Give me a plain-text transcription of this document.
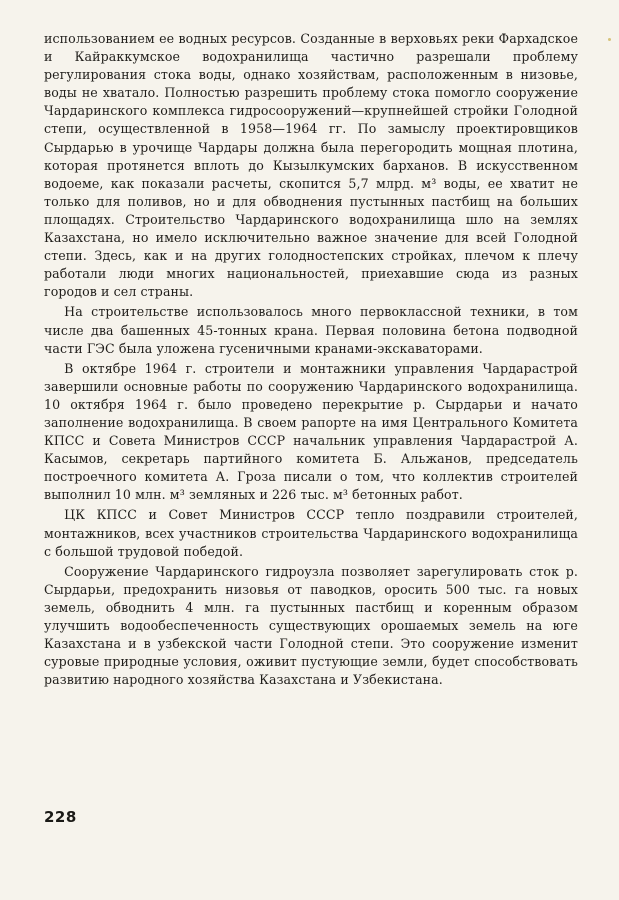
использованием ее водных ресурсов. Созданные в верховьях реки Фархадское и Кайраккумское водохранилища частично разрешали проблему регулирования стока воды, однако хозяйствам, расположенным в низовье, воды не хватало. Полностью разрешить проблему стока помогло сооружение Чардаринского комплекса гидросооружений—крупнейшей стройки Голодной степи, осуществленной в 1958—1964 гг. По замыслу проектировщиков Сырдарью в урочище Чардары должна была перегородить мощная плотина, которая протянется вплоть до Кызылкумских барханов. В искусственном водоеме, как показали расчеты, скопится 5,7 млрд. м³ воды, ее хватит не только для поливов, но и для обводнения пустынных пастбищ на больших площадях. Строительство Чардаринского водохранилища шло на землях Казахстана, но имело исключительно важное значение для всей Голодной степи. Здесь, как и на других голодностепских стройках, плечом к плечу работали люди многих национальностей, приехавшие сюда из разных городов и сел страны.

На строительстве использовалось много первоклассной техники, в том числе два башенных 45-тонных крана. Первая половина бетона подводной части ГЭС была уложена гусеничными кранами-экскаваторами.

В октябре 1964 г. строители и монтажники управления Чардарастрой завершили основные работы по сооружению Чардаринского водохранилища. 10 октября 1964 г. было проведено перекрытие р. Сырдарьи и начато заполнение водохранилища. В своем рапорте на имя Центрального Комитета КПСС и Совета Министров СССР начальник управления Чардарастрой А. Касымов, секретарь партийного комитета Б. Альжанов, председатель построечного комитета А. Гроза писали о том, что коллектив строителей выполнил 10 млн. м³ земляных и 226 тыс. м³ бетонных работ.

ЦК КПСС и Совет Министров СССР тепло поздравили строителей, монтажников, всех участников строительства Чардаринского водохранилища с большой трудовой победой.

Сооружение Чардаринского гидроузла позволяет зарегулировать сток р. Сырдарьи, предохранить низовья от паводков, оросить 500 тыс. га новых земель, обводнить 4 млн. га пустынных пастбищ и коренным образом улучшить водообеспеченность существующих орошаемых земель на юге Казахстана и в узбекской части Голодной степи. Это сооружение изменит суровые природные условия, оживит пустующие земли, будет способствовать развитию народного хозяйства Казахстана и Узбекистана.

228
